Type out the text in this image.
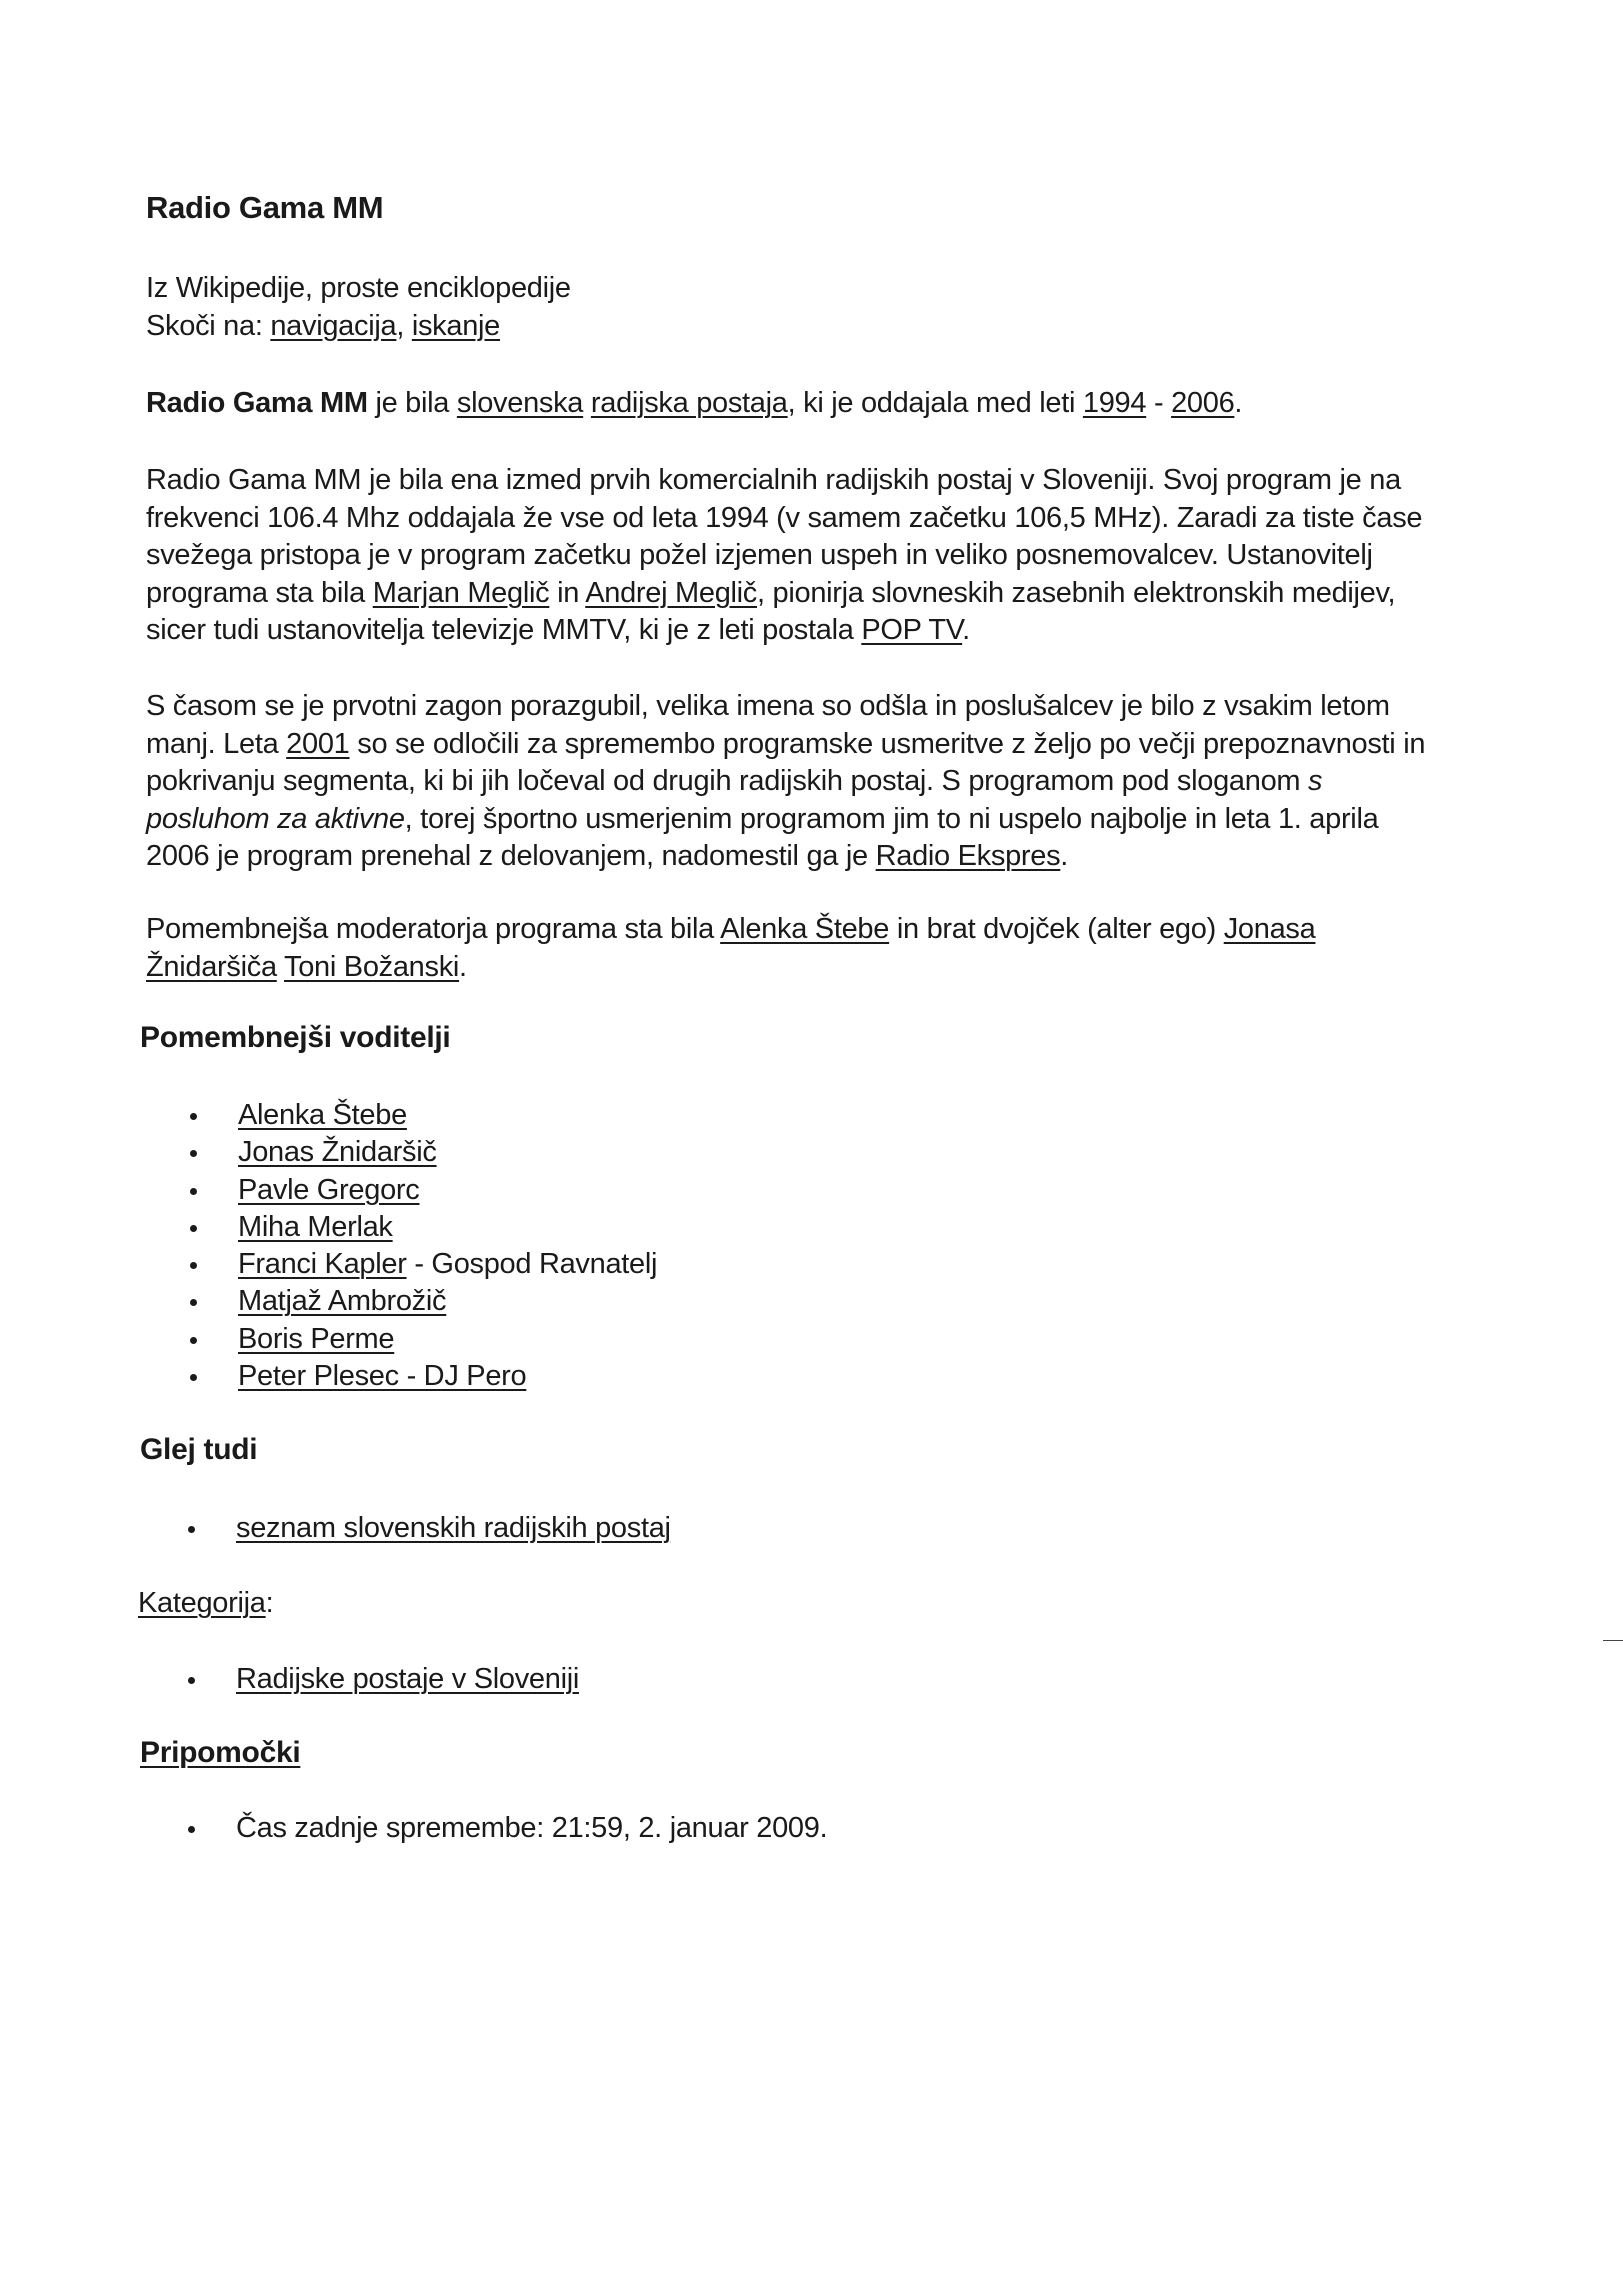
Radio Gama MM
Iz Wikipedije, proste enciklopedije
Skoči na: navigacija, iskanje
Radio Gama MM je bila slovenska radijska postaja, ki je oddajala med leti 1994 - 2006.
Radio Gama MM je bila ena izmed prvih komercialnih radijskih postaj v Sloveniji. Svoj program je na frekvenci 106.4 Mhz oddajala že vse od leta 1994 (v samem začetku 106,5 MHz). Zaradi za tiste čase svežega pristopa je v program začetku požel izjemen uspeh in veliko posnemovalcev. Ustanovitelj programa sta bila Marjan Meglič in Andrej Meglič, pionirja slovneskih zasebnih elektronskih medijev, sicer tudi ustanovitelja televizje MMTV, ki je z leti postala POP TV.
S časom se je prvotni zagon porazgubil, velika imena so odšla in poslušalcev je bilo z vsakim letom manj. Leta 2001 so se odločili za spremembo programske usmeritve z željo po večji prepoznavnosti in pokrivanju segmenta, ki bi jih ločeval od drugih radijskih postaj. S programom pod sloganom s posluhom za aktivne, torej športno usmerjenim programom jim to ni uspelo najbolje in leta 1. aprila 2006 je program prenehal z delovanjem, nadomestil ga je Radio Ekspres.
Pomembnejša moderatorja programa sta bila Alenka Štebe in brat dvojček (alter ego) Jonasa Žnidaršiča Toni Božanski.
Pomembnejši voditelji
Alenka Štebe
Jonas Žnidaršič
Pavle Gregorc
Miha Merlak
Franci Kapler - Gospod Ravnatelj
Matjaž Ambrožič
Boris Perme
Peter Plesec - DJ Pero
Glej tudi
seznam slovenskih radijskih postaj
Kategorija:
Radijske postaje v Sloveniji
Pripomočki
Čas zadnje spremembe: 21:59, 2. januar 2009.
